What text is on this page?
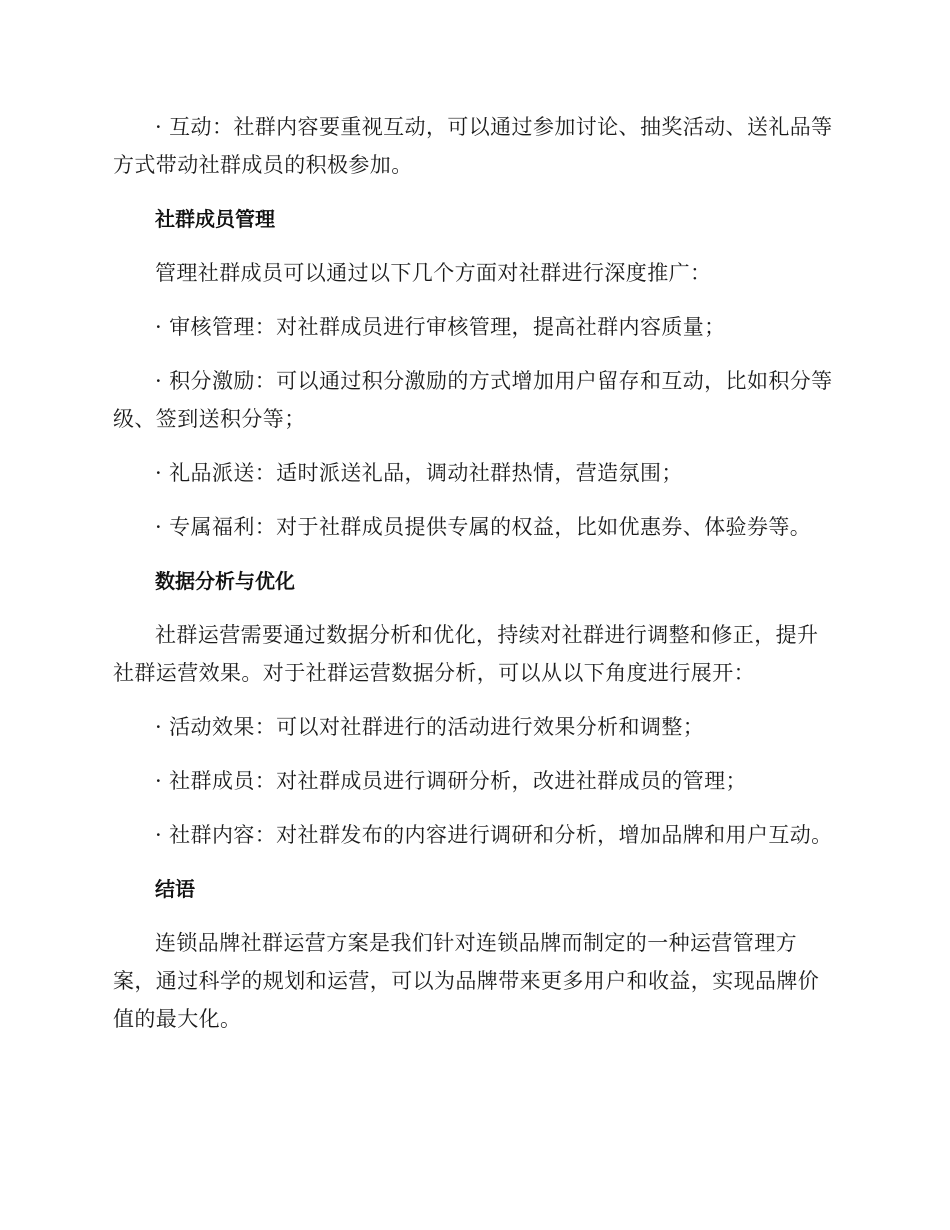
· 互动：社群内容要重视互动，可以通过参加讨论、抽奖活动、送礼品等方式带动社群成员的积极参加。

社群成员管理

管理社群成员可以通过以下几个方面对社群进行深度推广：

· 审核管理：对社群成员进行审核管理，提高社群内容质量；

· 积分激励：可以通过积分激励的方式增加用户留存和互动，比如积分等级、签到送积分等；

· 礼品派送：适时派送礼品，调动社群热情，营造氛围；

· 专属福利：对于社群成员提供专属的权益，比如优惠券、体验券等。

数据分析与优化

社群运营需要通过数据分析和优化，持续对社群进行调整和修正，提升社群运营效果。对于社群运营数据分析，可以从以下角度进行展开：

· 活动效果：可以对社群进行的活动进行效果分析和调整；

· 社群成员：对社群成员进行调研分析，改进社群成员的管理；

· 社群内容：对社群发布的内容进行调研和分析，增加品牌和用户互动。

结语

连锁品牌社群运营方案是我们针对连锁品牌而制定的一种运营管理方案，通过科学的规划和运营，可以为品牌带来更多用户和收益，实现品牌价值的最大化。
